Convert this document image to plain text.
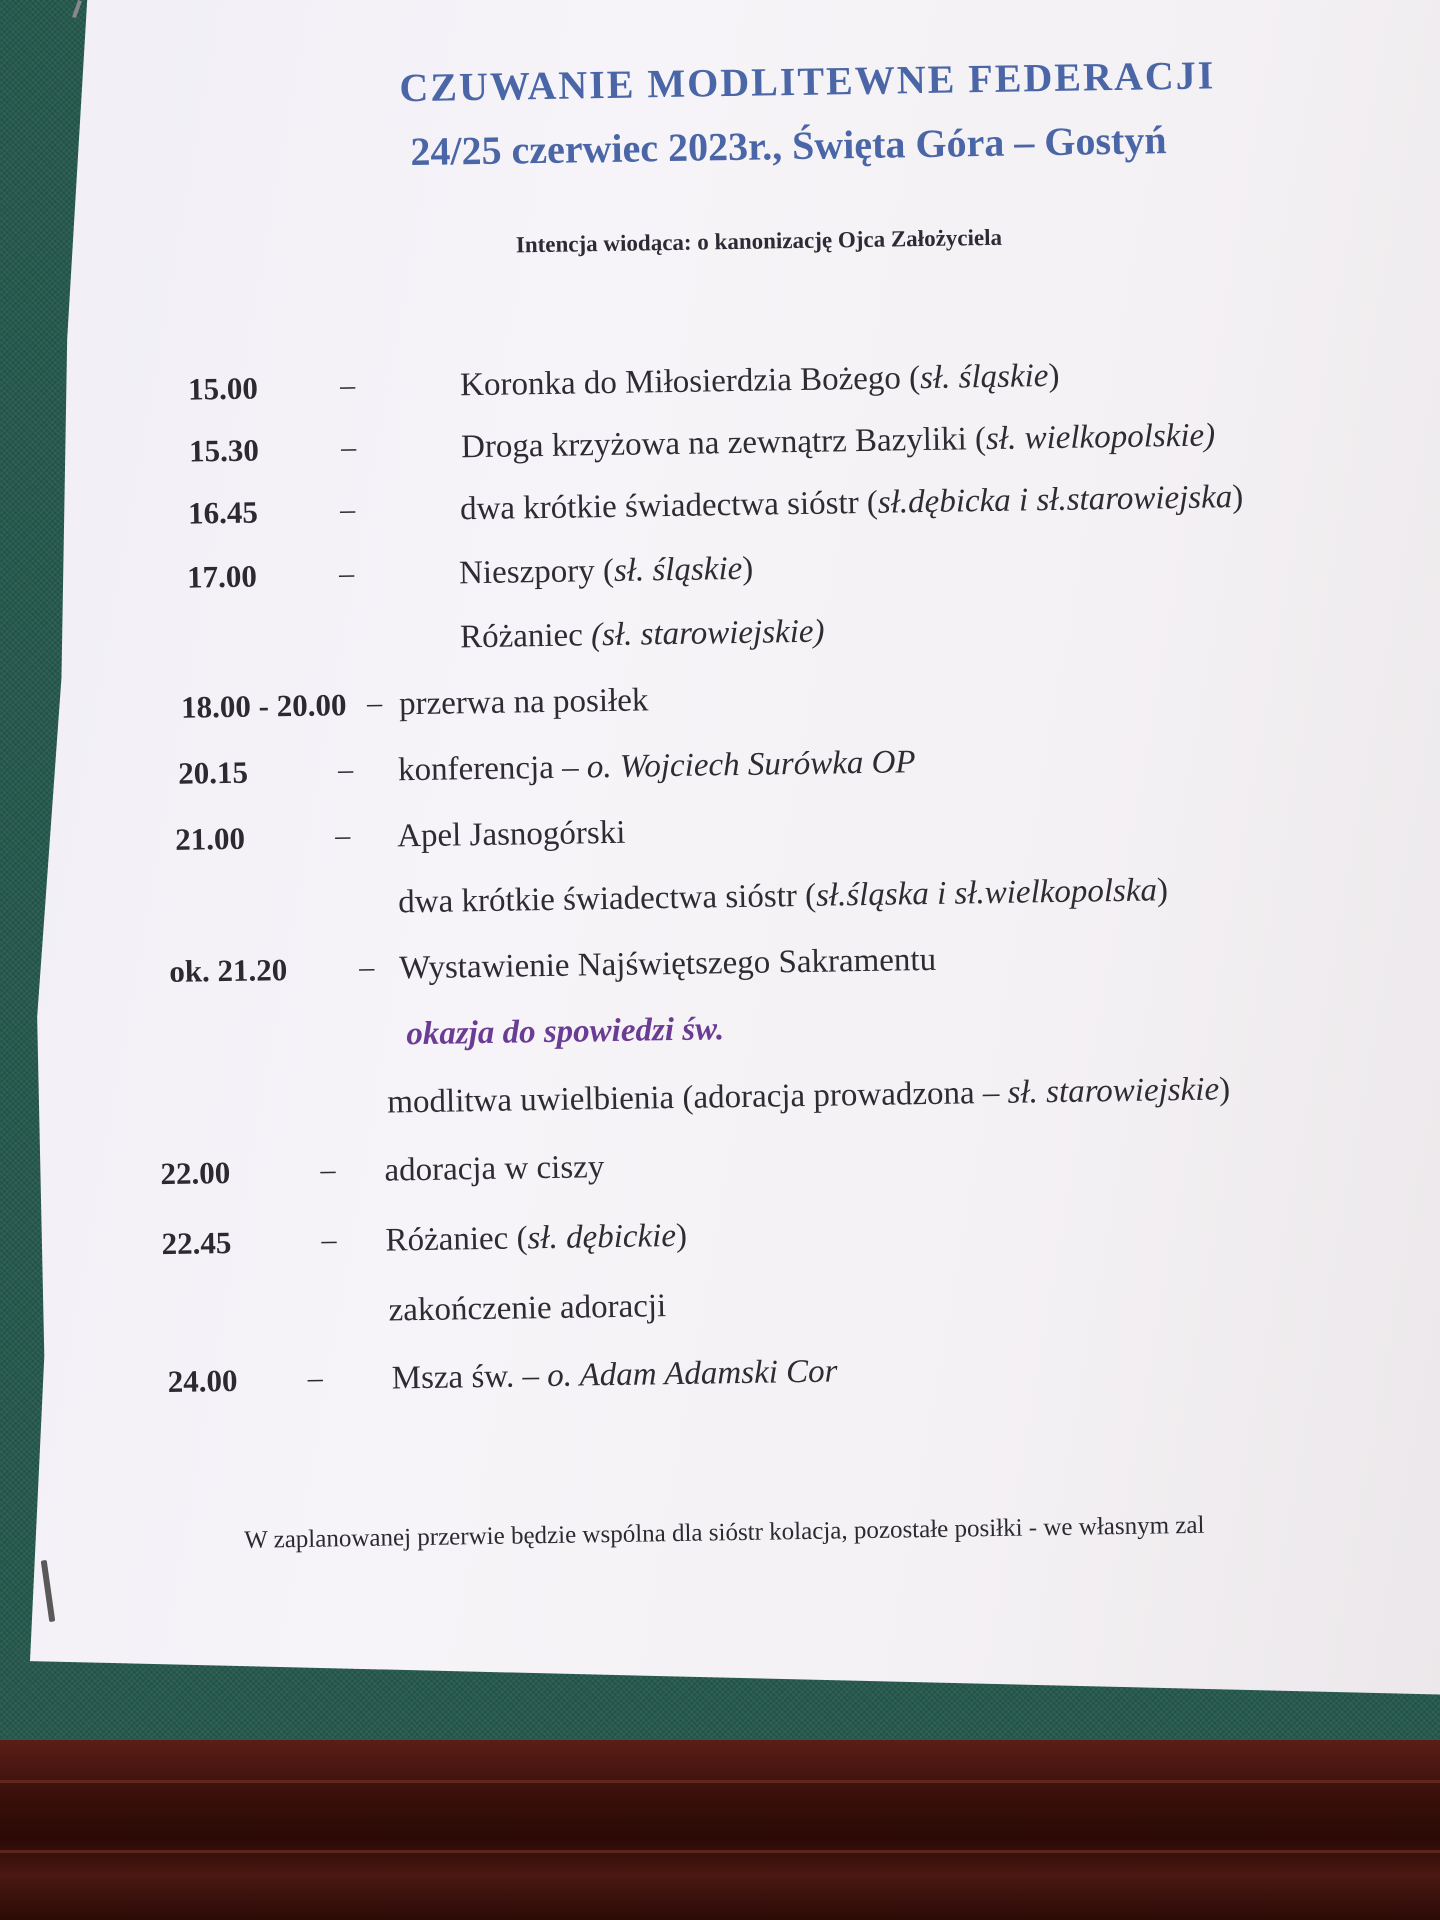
CZUWANIE MODLITEWNE FEDERACJI
24/25 czerwiec 2023r., Święta Góra – Gostyń

Intencja wiodąca: o kanonizację Ojca Założyciela

15.00	–	Koronka do Miłosierdzia Bożego (sł. śląskie)
15.30	–	Droga krzyżowa na zewnątrz Bazyliki (sł. wielkopolskie)
16.45	–	dwa krótkie świadectwa sióstr (sł.dębicka i sł.starowiejska)
17.00	–	Nieszpory (sł. śląskie)
Różaniec (sł. starowiejskie)
18.00 - 20.00 – przerwa na posiłek
20.15	– konferencja – o. Wojciech Surówka OP
21.00	– Apel Jasnogórski
dwa krótkie świadectwa sióstr (sł.śląska i sł.wielkopolska)
ok. 21.20 – Wystawienie Najświętszego Sakramentu
okazja do spowiedzi św.
modlitwa uwielbienia (adoracja prowadzona – sł. starowiejskie)
22.00	– adoracja w ciszy
22.45	– Różaniec (sł. dębickie)
zakończenie adoracji
24.00 – Msza św. – o. Adam Adamski Cor

W zaplanowanej przerwie będzie wspólna dla sióstr kolacja, pozostałe posiłki - we własnym zal
